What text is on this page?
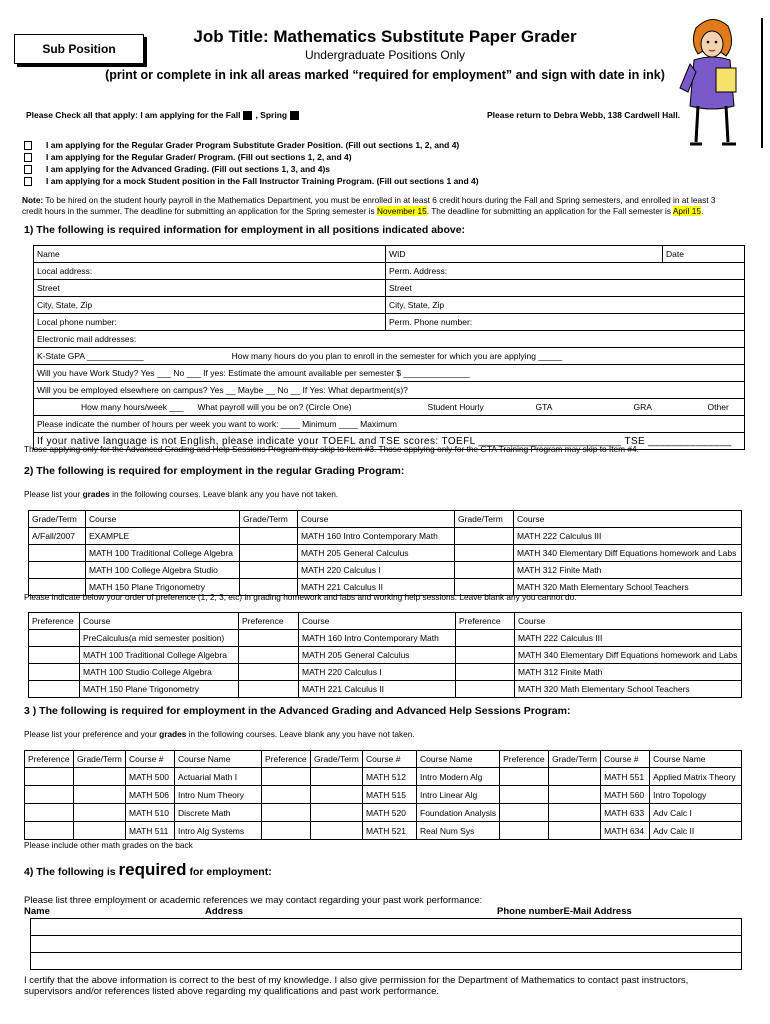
Sub Position
Job Title: Mathematics Substitute Paper Grader
Undergraduate Positions Only
(print or complete in ink all areas marked “required for employment” and sign with date in ink)
Please Check all that apply: I am applying for the Fall , Spring	Please return to Debra Webb, 138 Cardwell Hall.
I am applying for the Regular Grader Program Substitute Grader Position. (Fill out sections 1, 2, and 4)
I am applying for the Regular Grader/ Program. (Fill out sections 1, 2, and 4)
I am applying for the Advanced Grading. (Fill out sections 1, 3, and 4)s
I am applying for a mock Student position in the Fall Instructor Training Program. (Fill out sections 1 and 4)
Note: To be hired on the student hourly payroll in the Mathematics Department, you must be enrolled in at least 6 credit hours during the Fall and Spring semesters, and enrolled in at least 3
credit hours in the summer. The deadline for submitting an application for the Spring semester is November 15. The deadline for submitting an application for the Fall semester is April 15.
1) The following is required information for employment in all positions indicated above:
Name	WID	Date
Local address:	Perm. Address:	
Street	Street	
City, State, Zip	City, State, Zip	
Local phone number:	Perm. Phone number:	
Electronic mail addresses:		
K-State GPA ____________ How many hours do you plan to enroll in the semester for which you are applying _____		
Will you have Work Study? Yes ___ No ___ If yes: Estimate the amount available per semester $ ______________		
Will you be employed elsewhere on campus? Yes __ Maybe __ No __ If Yes: What department(s)?		
How many hours/week ___ What payroll will you be on? (Circle One) Student Hourly GTA GRA Other		
Please indicate the number of hours per week you want to work: ____ Minimum ____ Maximum		
If your native language is not English, please indicate your TOEFL and TSE scores: TOEFL ________________________ TSE ______________		
Those applying only for the Advanced Grading and Help Sessions Program may skip to Item #3. Those applying only for the GTA Training Program may skip to Item #4.
2) The following is required for employment in the regular Grading Program:
Please list your grades in the following courses. Leave blank any you have not taken.
Grade/Term	Course	Grade/Term	Course	Grade/Term	Course
A/Fall/2007	EXAMPLE		MATH 160 Intro Contemporary Math		MATH 222 Calculus III
	MATH 100 Traditional College Algebra		MATH 205 General Calculus		MATH 340 Elementary Diff Equations homework and Labs
	MATH 100 College Algebra Studio		MATH 220 Calculus I		MATH 312 Finite Math
	MATH 150 Plane Trigonometry		MATH 221 Calculus II		MATH 320 Math Elementary School Teachers
Please indicate below your order of preference (1, 2, 3, etc) in grading homework and labs and working help sessions. Leave blank any you cannot do.
Preference	Course	Preference	Course	Preference	Course
	PreCalculus(a mid semester position)		MATH 160 Intro Contemporary Math		MATH 222 Calculus III
	MATH 100 Traditional College Algebra		MATH 205 General Calculus		MATH 340 Elementary Diff Equations homework and Labs
	MATH 100 Studio College Algebra		MATH 220 Calculus I		MATH 312 Finite Math
	MATH 150 Plane Trigonometry		MATH 221 Calculus II		MATH 320 Math Elementary School Teachers
3 ) The following is required for employment in the Advanced Grading and Advanced Help Sessions Program:
Please list your preference and your grades in the following courses. Leave blank any you have not taken.
Preference	Grade/Term	Course #	Course Name	Preference	Grade/Term	Course #	Course Name	Preference	Grade/Term	Course #	Course Name
		MATH 500	Actuarial Math I			MATH 512	Intro Modern Alg			MATH 551	Applied Matrix Theory
		MATH 506	Intro Num Theory			MATH 515	Intro Linear Alg			MATH 560	Intro Topology
		MATH 510	Discrete Math			MATH 520	Foundation Analysis			MATH 633	Adv Calc I
		MATH 511	Intro Alg Systems			MATH 521	Real Num Sys			MATH 634	Adv Calc II
Please include other math grades on the back
4) The following is required for employment:
Please list three employment or academic references we may contact regarding your past work performance:
Name	Address	Phone numberE-Mail Address

I certify that the above information is correct to the best of my knowledge. I also give permission for the Department of Mathematics to contact past instructors,
supervisors and/or references listed above regarding my qualifications and past work performance.
